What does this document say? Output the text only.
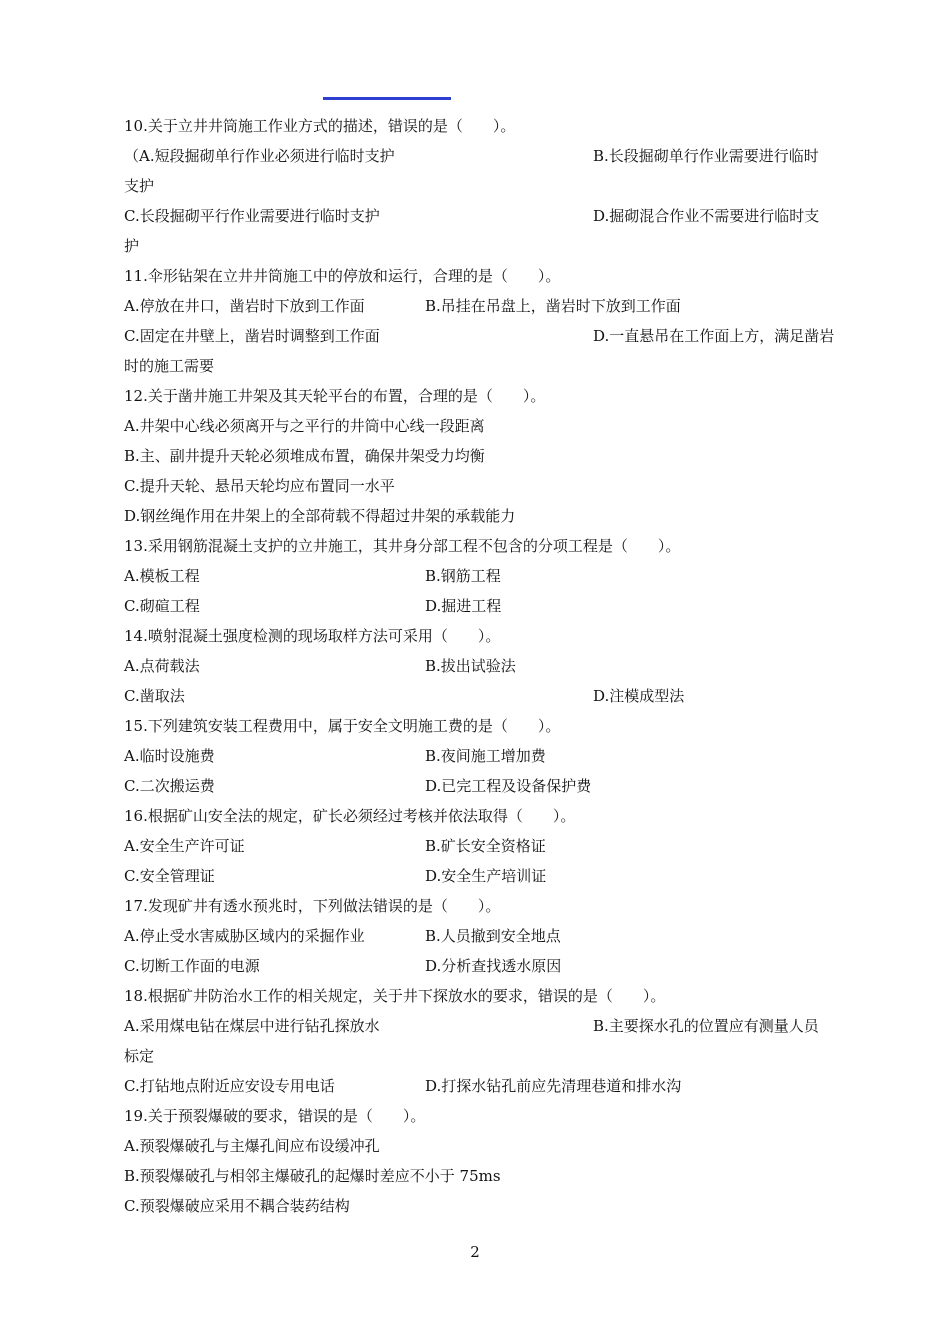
10.关于立井井筒施工作业方式的描述，错误的是（　　）。
（A.短段掘砌单行作业必须进行临时支护	B.长段掘砌单行作业需要进行临时
支护
C.长段掘砌平行作业需要进行临时支护	D.掘砌混合作业不需要进行临时支
护
11.伞形钻架在立井井筒施工中的停放和运行，合理的是（　　）。
A.停放在井口，凿岩时下放到工作面	B.吊挂在吊盘上，凿岩时下放到工作面
C.固定在井壁上，凿岩时调整到工作面	D.一直悬吊在工作面上方，满足凿岩
时的施工需要
12.关于凿井施工井架及其天轮平台的布置，合理的是（　　）。
A.井架中心线必须离开与之平行的井筒中心线一段距离
B.主、副井提升天轮必须堆成布置，确保井架受力均衡
C.提升天轮、悬吊天轮均应布置同一水平
D.钢丝绳作用在井架上的全部荷载不得超过井架的承载能力
13.采用钢筋混凝土支护的立井施工，其井身分部工程不包含的分项工程是（　　）。
A.模板工程	B.钢筋工程
C.砌碹工程	D.掘进工程
14.喷射混凝土强度检测的现场取样方法可采用（　　）。
A.点荷载法	B.拔出试验法
C.凿取法	D.注模成型法
15.下列建筑安装工程费用中，属于安全文明施工费的是（　　）。
A.临时设施费	B.夜间施工增加费
C.二次搬运费	D.已完工程及设备保护费
16.根据矿山安全法的规定，矿长必须经过考核并依法取得（　　）。
A.安全生产许可证	B.矿长安全资格证
C.安全管理证	D.安全生产培训证
17.发现矿井有透水预兆时，下列做法错误的是（　　）。
A.停止受水害威胁区域内的采掘作业	B.人员撤到安全地点
C.切断工作面的电源	D.分析查找透水原因
18.根据矿井防治水工作的相关规定，关于井下探放水的要求，错误的是（　　）。
A.采用煤电钻在煤层中进行钻孔探放水	B.主要探水孔的位置应有测量人员
标定
C.打钻地点附近应安设专用电话	D.打探水钻孔前应先清理巷道和排水沟
19.关于预裂爆破的要求，错误的是（　　）。
A.预裂爆破孔与主爆孔间应布设缓冲孔
B.预裂爆破孔与相邻主爆破孔的起爆时差应不小于 75ms
C.预裂爆破应采用不耦合装药结构
2
